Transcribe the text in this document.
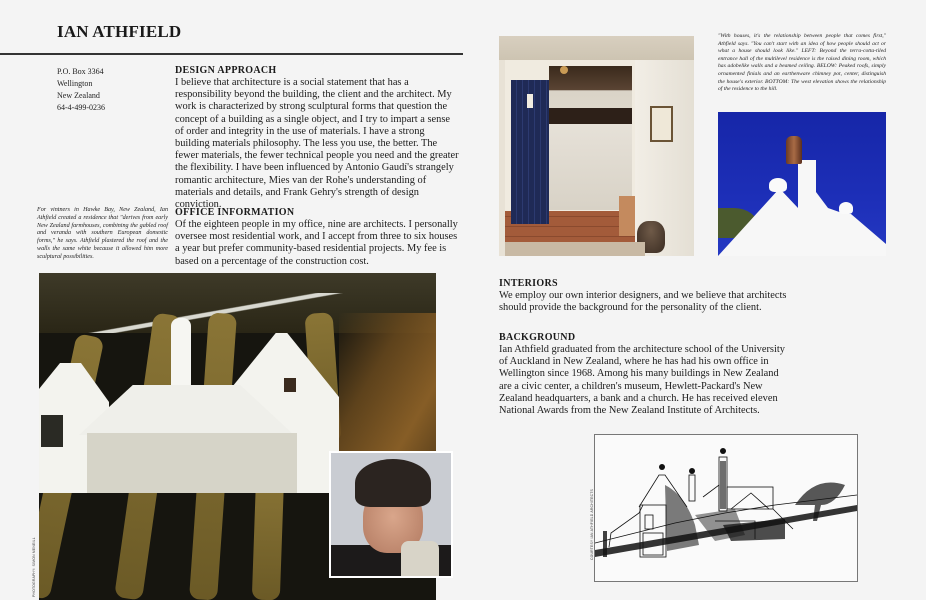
IAN ATHFIELD
P.O. Box 3364
Wellington
New Zealand
64-4-499-0236
DESIGN APPROACH
I believe that architecture is a social statement that has a responsibility beyond the building, the client and the architect. My work is characterized by strong sculptural forms that question the concept of a building as a single object, and I try to impart a sense of order and integrity in the use of materials. I have a strong building materials philosophy. The less you use, the better. The fewer materials, the fewer technical people you need and the greater the flexibility. I have been influenced by Antonio Gaudí's strangely romantic architecture, Mies van der Rohe's understanding of materials and details, and Frank Gehry's strength of design conviction.
OFFICE INFORMATION
Of the eighteen people in my office, nine are architects. I personally oversee most residential work, and I accept from three to six houses a year but prefer community-based residential projects. My fee is based on a percentage of the construction cost.
For vintners in Hawke Bay, New Zealand, Ian Athfield created a residence that "derives from early New Zealand farmhouses, combining the gabled roof and veranda with southern European domestic forms," he says. Athfield plastered the roof and the walls the same white because it allowed him more sculptural possibilities.
"With houses, it's the relationship between people that comes first," Athfield says. "You can't start with an idea of how people should act or what a house should look like." LEFT: Beyond the terra-cotta-tiled entrance hall of the multilevel residence is the raised dining room, which has adobelike walls and a beamed ceiling. BELOW: Peaked roofs, simply ornamented finials and an earthenware chimney pot, center, distinguish the house's exterior. BOTTOM: The west elevation shows the relationship of the residence to the hill.
INTERIORS
We employ our own interior designers, and we believe that architects should provide the background for the personality of the client.
BACKGROUND
Ian Athfield graduated from the architecture school of the University of Auckland in New Zealand, where he has had his own office in Wellington since 1968. Among his many buildings in New Zealand are a civic center, a children's museum, Hewlett-Packard's New Zealand headquarters, a bank and a church. He has received eleven National Awards from the New Zealand Institute of Architects.
PHOTOGRAPHY: SIMON MENEILL
COURTESY IAN ATHFIELD ARCHITECTS
